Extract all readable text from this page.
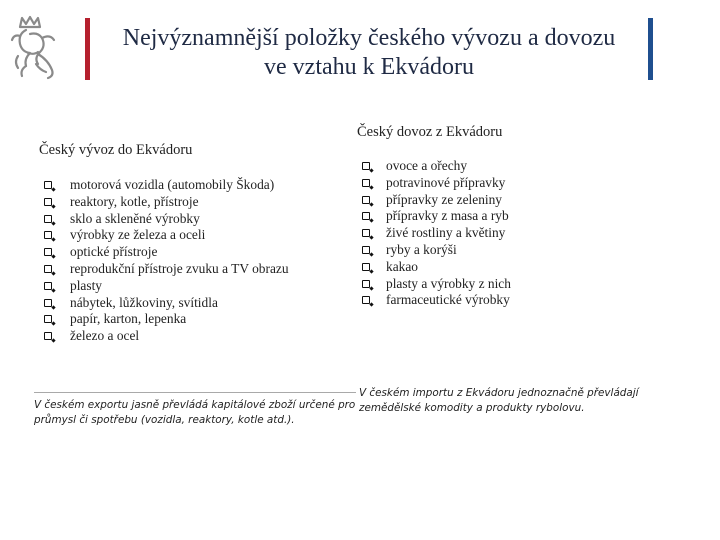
Nejvýznamnější položky českého vývozu a dovozu
ve vztahu k Ekvádoru
Český vývoz do Ekvádoru
motorová vozidla (automobily Škoda)
reaktory, kotle, přístroje
sklo a skleněné výrobky
výrobky ze železa a oceli
optické přístroje
reprodukční přístroje zvuku a TV obrazu
plasty
nábytek, lůžkoviny, svítidla
papír, karton, lepenka
železo a ocel
Český dovoz z Ekvádoru
ovoce a ořechy
potravinové přípravky
přípravky ze zeleniny
přípravky z masa a ryb
živé rostliny a květiny
ryby a korýši
kakao
plasty a výrobky z nich
farmaceutické výrobky
V českém exportu jasně převládá kapitálové zboží určené pro průmysl či spotřebu (vozidla, reaktory, kotle atd.).
V českém importu z Ekvádoru jednoznačně převládají zemědělské komodity a produkty rybolovu.
